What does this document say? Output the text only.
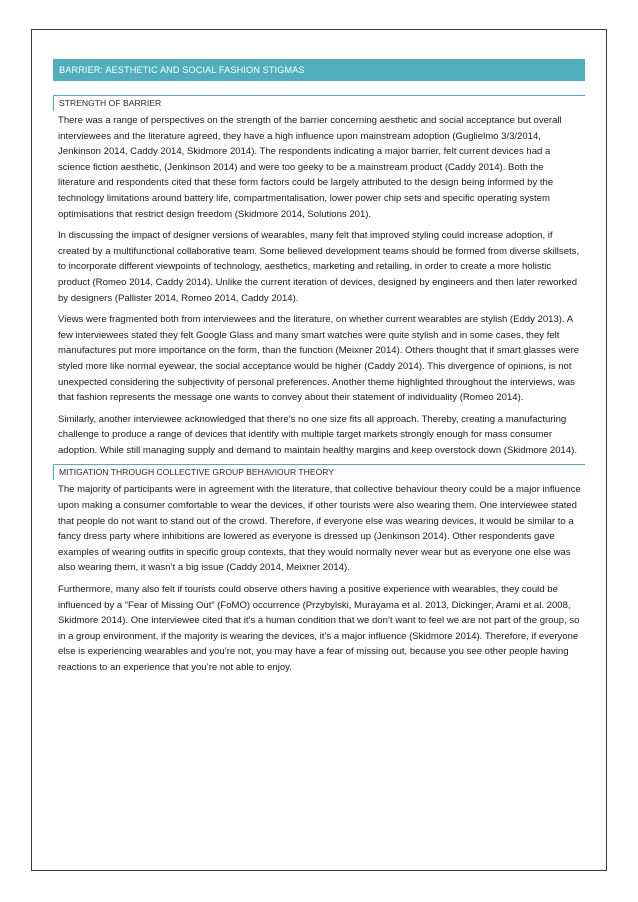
BARRIER: AESTHETIC AND SOCIAL FASHION STIGMAS
STRENGTH OF BARRIER

There was a range of perspectives on the strength of the barrier concerning aesthetic and social acceptance but overall interviewees and the literature agreed, they have a high influence upon mainstream adoption (Guglielmo 3/3/2014, Jenkinson 2014, Caddy 2014, Skidmore 2014). The respondents indicating a major barrier, felt current devices had a science fiction aesthetic, (Jenkinson 2014) and were too geeky to be a mainstream product (Caddy 2014). Both the literature and respondents cited that these form factors could be largely attributed to the design being informed by the technology limitations around battery life, compartmentalisation, lower power chip sets and specific operating system optimisations that restrict design freedom (Skidmore 2014, Solutions 201).

In discussing the impact of designer versions of wearables, many felt that improved styling could increase adoption, if created by a multifunctional collaborative team. Some believed development teams should be formed from diverse skillsets, to incorporate different viewpoints of technology, aesthetics, marketing and retailing, in order to create a more holistic product (Romeo 2014, Caddy 2014). Unlike the current iteration of devices, designed by engineers and then later reworked by designers (Pallister 2014, Romeo 2014, Caddy 2014).

Views were fragmented both from interviewees and the literature, on whether current wearables are stylish (Eddy 2013). A few interviewees stated they felt Google Glass and many smart watches were quite stylish and in some cases, they felt manufactures put more importance on the form, than the function (Meixner 2014). Others thought that if smart glasses were styled more like normal eyewear, the social acceptance would be higher (Caddy 2014). This divergence of opinions, is not unexpected considering the subjectivity of personal preferences. Another theme highlighted throughout the interviews, was that fashion represents the message one wants to convey about their statement of individuality (Romeo 2014).

Similarly, another interviewee acknowledged that there’s no one size fits all approach. Thereby, creating a manufacturing challenge to produce a range of devices that identify with multiple target markets strongly enough for mass consumer adoption. While still managing supply and demand to maintain healthy margins and keep overstock down (Skidmore 2014).

MITIGATION THROUGH COLLECTIVE GROUP BEHAVIOUR THEORY

The majority of participants were in agreement with the literature, that collective behaviour theory could be a major influence upon making a consumer comfortable to wear the devices, if other tourists were also wearing them. One interviewee stated that people do not want to stand out of the crowd. Therefore, if everyone else was wearing devices, it would be similar to a fancy dress party where inhibitions are lowered as everyone is dressed up (Jenkinson 2014). Other respondents gave examples of wearing outfits in specific group contexts, that they would normally never wear but as everyone one else was also wearing them, it wasn’t a big issue (Caddy 2014, Meixner 2014).

Furthermore, many also felt if tourists could observe others having a positive experience with wearables, they could be influenced by a “Fear of Missing Out” (FoMO) occurrence (Przybylski, Murayama et al. 2013, Dickinger, Arami et al. 2008, Skidmore 2014). One interviewee cited that it’s a human condition that we don’t want to feel we are not part of the group, so in a group environment, if the majority is wearing the devices, it’s a major influence (Skidmore 2014). Therefore, if everyone else is experiencing wearables and you’re not, you may have a fear of missing out, because you see other people having reactions to an experience that you’re not able to enjoy.
